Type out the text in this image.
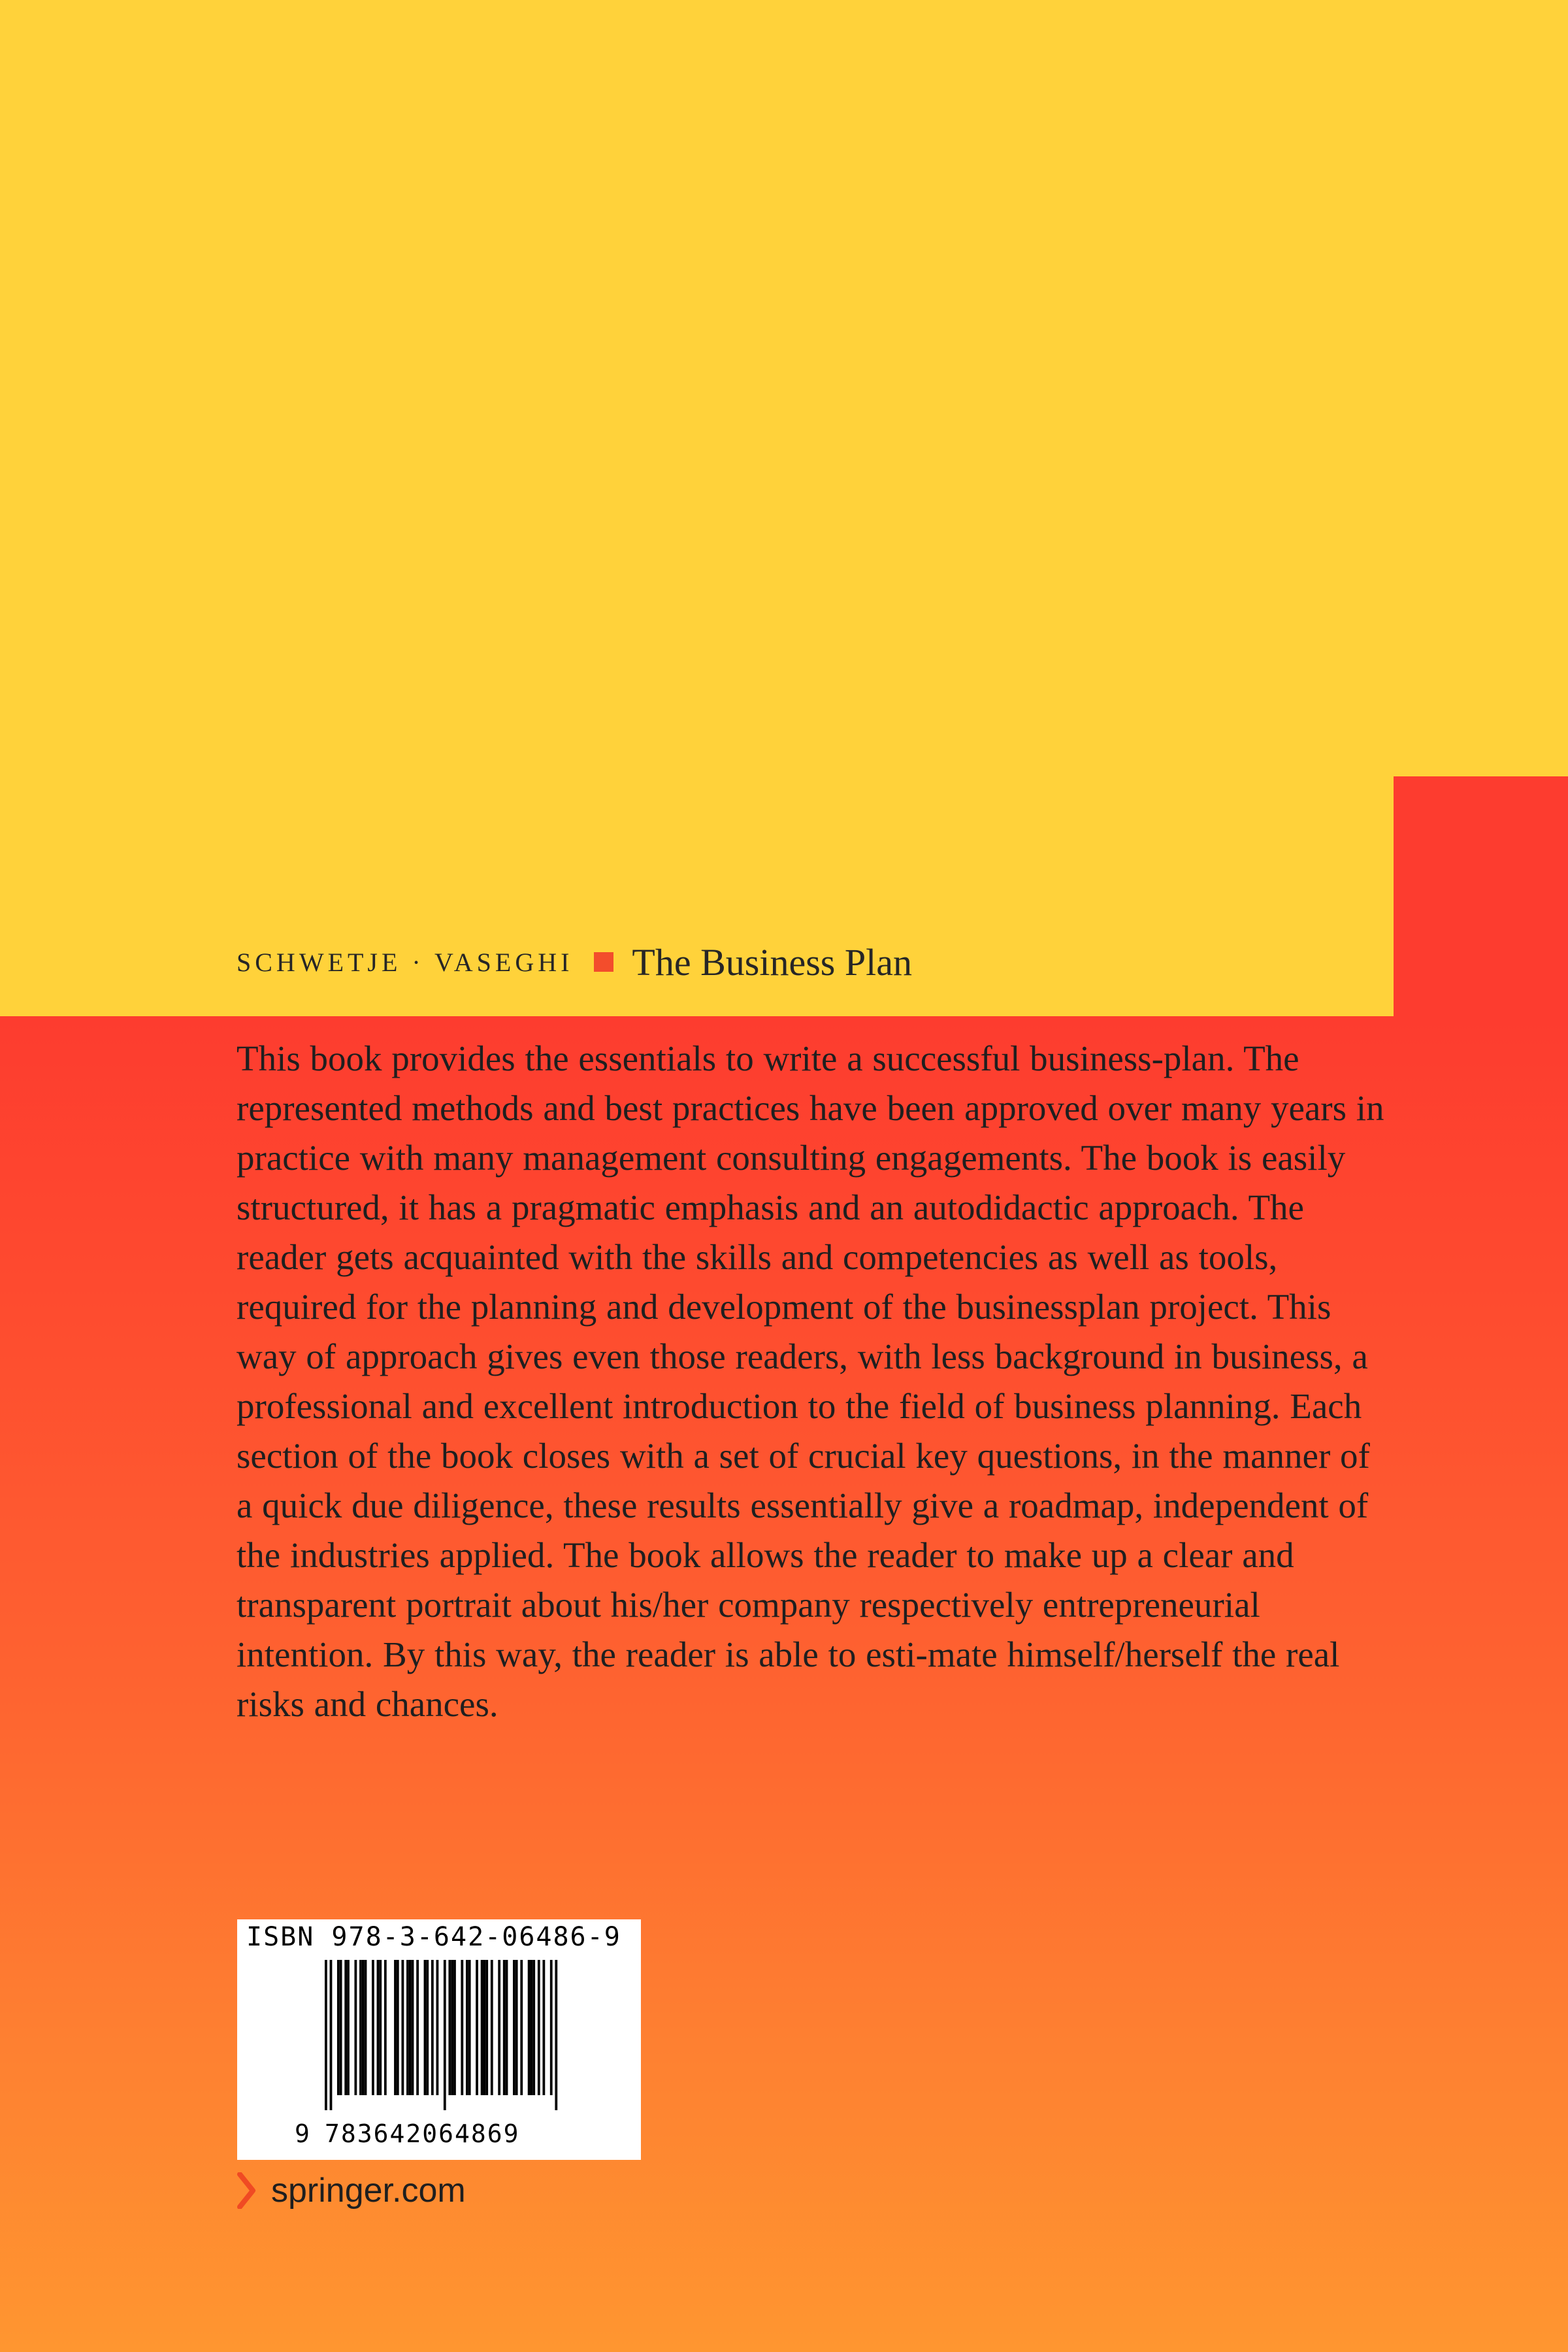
SCHWETJE · VASEGHI The Business Plan

This book provides the essentials to write a successful business-plan. The represented methods and best practices have been approved over many years in practice with many management consulting engagements. The book is easily structured, it has a pragmatic emphasis and an autodidactic approach. The reader gets acquainted with the skills and competencies as well as tools, required for the planning and development of the businessplan project. This way of approach gives even those readers, with less background in business, a professional and excellent introduction to the field of business planning. Each section of the book closes with a set of crucial key questions, in the manner of a quick due diligence, these results essentially give a roadmap, independent of the industries applied. The book allows the reader to make up a clear and transparent portrait about his/her company respectively entrepreneurial intention. By this way, the reader is able to esti-mate himself/herself the real risks and chances.

ISBN 978-3-642-06486-9
9 783642064869
springer.com
